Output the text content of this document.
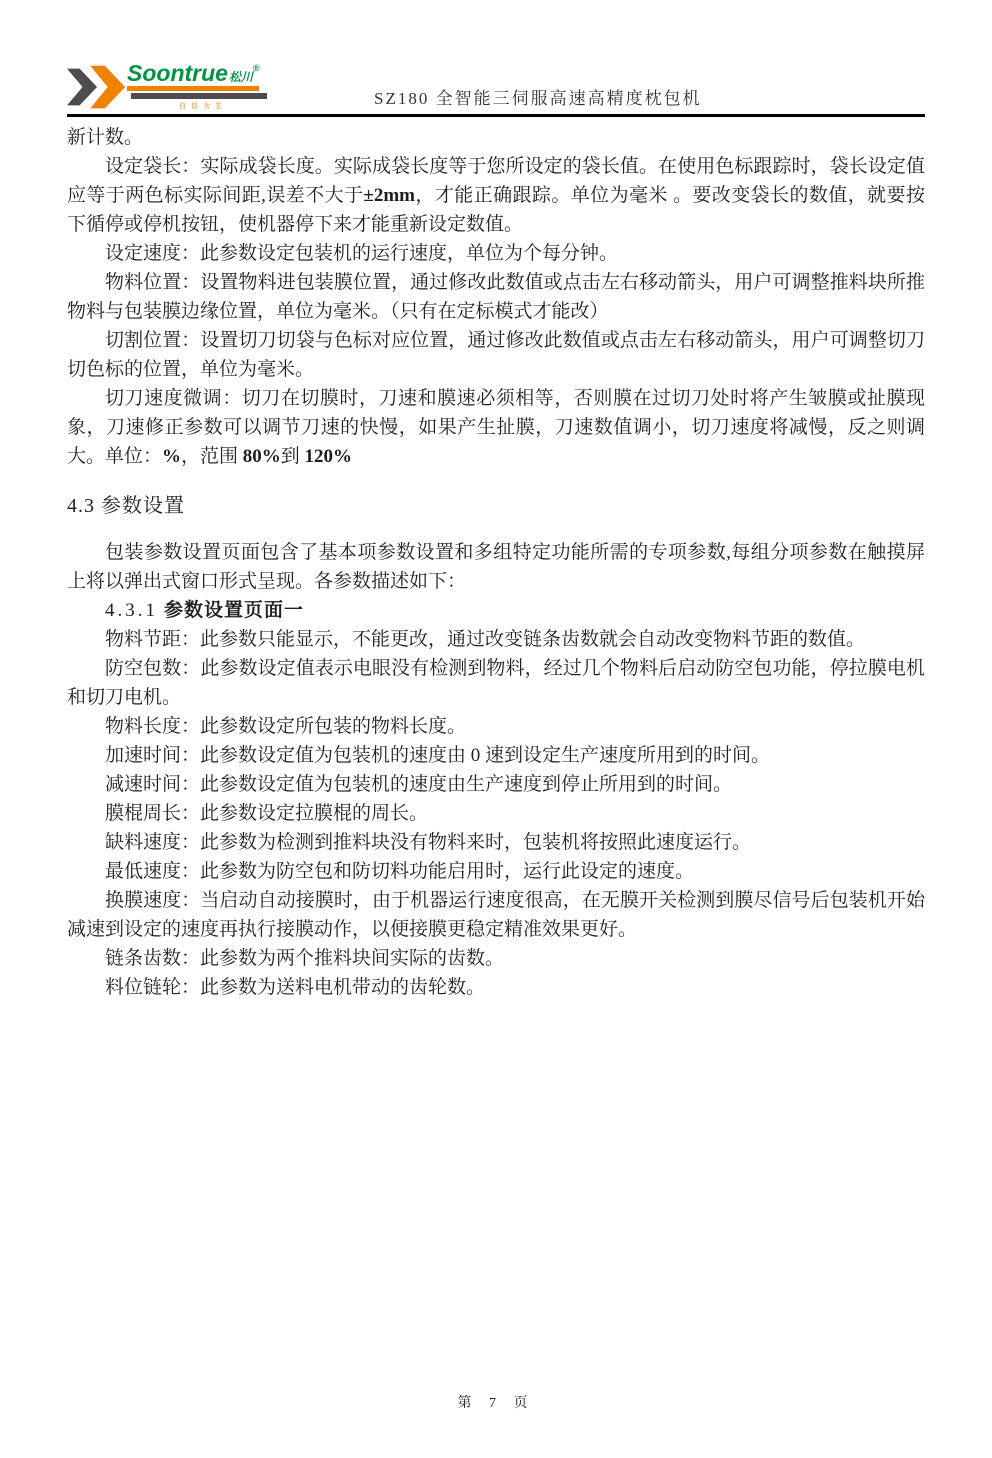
Soontrue松川®
自信为生	SZ180 全智能三伺服高速高精度枕包机

新计数。

设定袋长：实际成袋长度。实际成袋长度等于您所设定的袋长值。在使用色标跟踪时，袋长设定值应等于两色标实际间距,误差不大于±2mm，才能正确跟踪。单位为毫米 。要改变袋长的数值，就要按下循停或停机按钮，使机器停下来才能重新设定数值。

设定速度：此参数设定包装机的运行速度，单位为个每分钟。

物料位置：设置物料进包装膜位置，通过修改此数值或点击左右移动箭头，用户可调整推料块所推物料与包装膜边缘位置，单位为毫米。（只有在定标模式才能改）

切割位置：设置切刀切袋与色标对应位置，通过修改此数值或点击左右移动箭头，用户可调整切刀切色标的位置，单位为毫米。

切刀速度微调：切刀在切膜时，刀速和膜速必须相等，否则膜在过切刀处时将产生皱膜或扯膜现象，刀速修正参数可以调节刀速的快慢，如果产生扯膜，刀速数值调小，切刀速度将减慢，反之则调大。单位：%，范围 80%到 120%

4.3 参数设置

包装参数设置页面包含了基本项参数设置和多组特定功能所需的专项参数,每组分项参数在触摸屏上将以弹出式窗口形式呈现。各参数描述如下：

4.3.1 参数设置页面一

物料节距：此参数只能显示，不能更改，通过改变链条齿数就会自动改变物料节距的数值。

防空包数：此参数设定值表示电眼没有检测到物料，经过几个物料后启动防空包功能，停拉膜电机和切刀电机。

物料长度：此参数设定所包装的物料长度。

加速时间：此参数设定值为包装机的速度由 0 速到设定生产速度所用到的时间。

减速时间：此参数设定值为包装机的速度由生产速度到停止所用到的时间。

膜棍周长：此参数设定拉膜棍的周长。

缺料速度：此参数为检测到推料块没有物料来时，包装机将按照此速度运行。

最低速度：此参数为防空包和防切料功能启用时，运行此设定的速度。

换膜速度：当启动自动接膜时，由于机器运行速度很高，在无膜开关检测到膜尽信号后包装机开始减速到设定的速度再执行接膜动作，以便接膜更稳定精准效果更好。

链条齿数：此参数为两个推料块间实际的齿数。

料位链轮：此参数为送料电机带动的齿轮数。

第 7 页
